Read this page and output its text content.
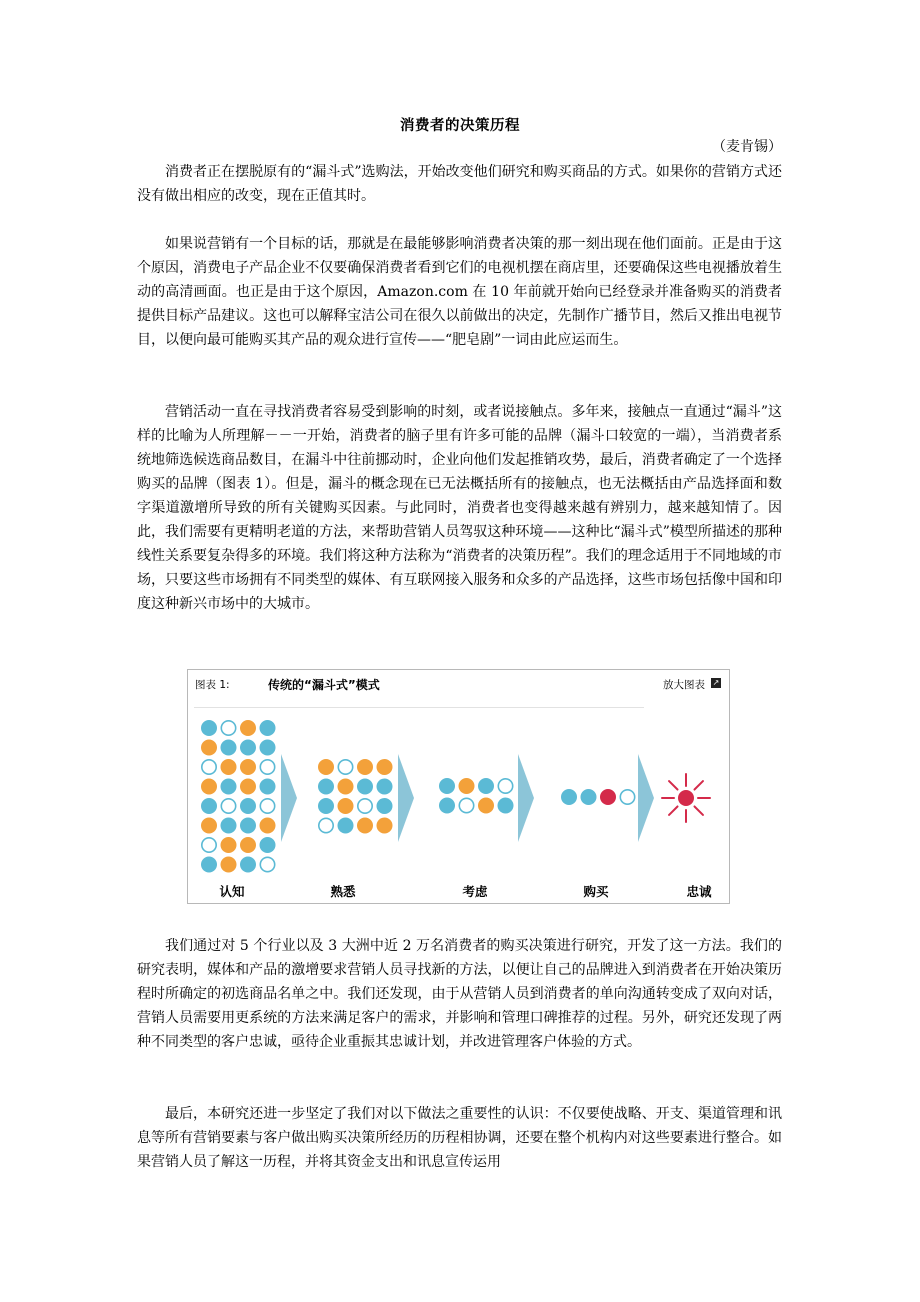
消费者的决策历程
（麦肯锡）

消费者正在摆脱原有的“漏斗式”选购法，开始改变他们研究和购买商品的方式。如果你的营销方式还没有做出相应的改变，现在正值其时。

如果说营销有一个目标的话，那就是在最能够影响消费者决策的那一刻出现在他们面前。正是由于这个原因，消费电子产品企业不仅要确保消费者看到它们的电视机摆在商店里，还要确保这些电视播放着生动的高清画面。也正是由于这个原因，Amazon.com 在 10 年前就开始向已经登录并准备购买的消费者提供目标产品建议。这也可以解释宝洁公司在很久以前做出的决定，先制作广播节目，然后又推出电视节目，以便向最可能购买其产品的观众进行宣传——“肥皂剧”一词由此应运而生。

营销活动一直在寻找消费者容易受到影响的时刻，或者说接触点。多年来，接触点一直通过“漏斗”这样的比喻为人所理解－－一开始，消费者的脑子里有许多可能的品牌（漏斗口较宽的一端），当消费者系统地筛选候选商品数目，在漏斗中往前挪动时，企业向他们发起推销攻势，最后，消费者确定了一个选择购买的品牌（图表 1）。但是，漏斗的概念现在已无法概括所有的接触点，也无法概括由产品选择面和数字渠道激增所导致的所有关键购买因素。与此同时，消费者也变得越来越有辨别力，越来越知情了。因此，我们需要有更精明老道的方法，来帮助营销人员驾驭这种环境——这种比“漏斗式”模型所描述的那种线性关系要复杂得多的环境。我们将这种方法称为“消费者的决策历程”。我们的理念适用于不同地域的市场，只要这些市场拥有不同类型的媒体、有互联网接入服务和众多的产品选择，这些市场包括像中国和印度这种新兴市场中的大城市。

图表 1:	传统的“漏斗式”模式	放大图表 ↗
认知	熟悉	考虑	购买	忠诚

我们通过对 5 个行业以及 3 大洲中近 2 万名消费者的购买决策进行研究，开发了这一方法。我们的研究表明，媒体和产品的激增要求营销人员寻找新的方法，以便让自己的品牌进入到消费者在开始决策历程时所确定的初选商品名单之中。我们还发现，由于从营销人员到消费者的单向沟通转变成了双向对话，营销人员需要用更系统的方法来满足客户的需求，并影响和管理口碑推荐的过程。另外，研究还发现了两种不同类型的客户忠诚，亟待企业重振其忠诚计划，并改进管理客户体验的方式。

最后，本研究还进一步坚定了我们对以下做法之重要性的认识：不仅要使战略、开支、渠道管理和讯息等所有营销要素与客户做出购买决策所经历的历程相协调，还要在整个机构内对这些要素进行整合。如果营销人员了解这一历程，并将其资金支出和讯息宣传运用
